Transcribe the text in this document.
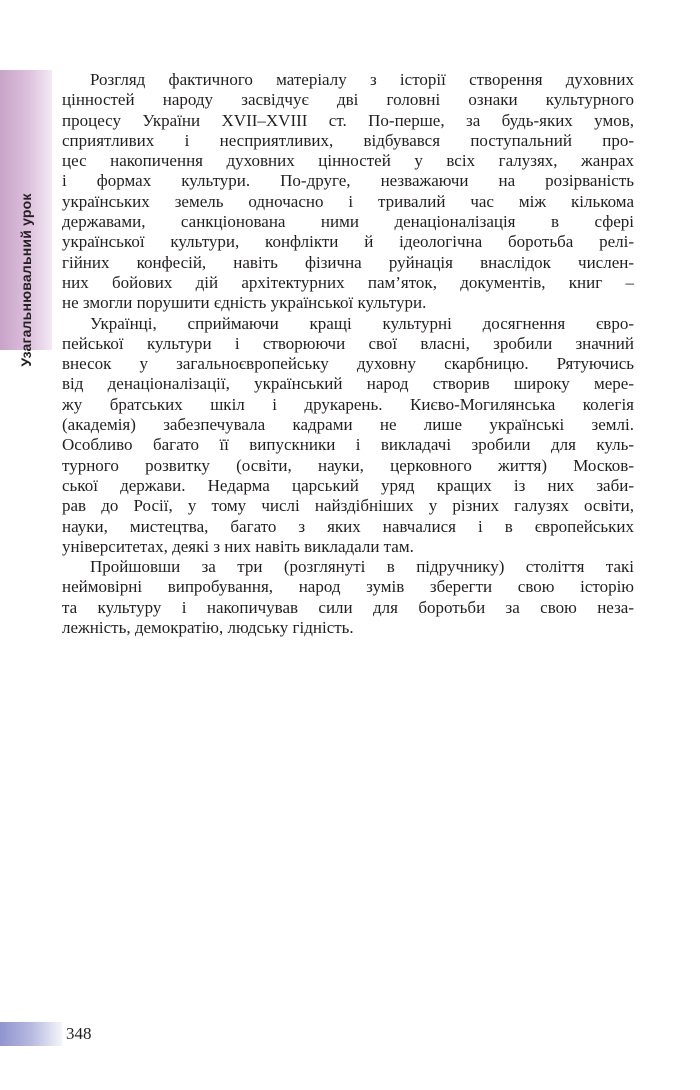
Узагальнювальний урок

Розгляд фактичного матеріалу з історії створення духовних
цінностей народу засвідчує дві головні ознаки культурного
процесу України XVII–XVIII ст. По-перше, за будь-яких умов,
сприятливих і несприятливих, відбувався поступальний про-
цес накопичення духовних цінностей у всіх галузях, жанрах
і формах культури. По-друге, незважаючи на розірваність
українських земель одночасно і тривалий час між кількома
державами, санкціонована ними денаціоналізація в сфері
української культури, конфлікти й ідеологічна боротьба релі-
гійних конфесій, навіть фізична руйнація внаслідок числен-
них бойових дій архітектурних пам’яток, документів, книг –
не змогли порушити єдність української культури.

Українці, сприймаючи кращі культурні досягнення євро-
пейської культури і створюючи свої власні, зробили значний
внесок у загальноєвропейську духовну скарбницю. Рятуючись
від денаціоналізації, український народ створив широку мере-
жу братських шкіл і друкарень. Києво-Могилянська колегія
(академія) забезпечувала кадрами не лише українські землі.
Особливо багато її випускники і викладачі зробили для куль-
турного розвитку (освіти, науки, церковного життя) Москов-
ської держави. Недарма царський уряд кращих із них заби-
рав до Росії, у тому числі найздібніших у різних галузях освіти,
науки, мистецтва, багато з яких навчалися і в європейських
університетах, деякі з них навіть викладали там.

Пройшовши за три (розглянуті в підручнику) століття такі
неймовірні випробування, народ зумів зберегти свою історію
та культуру і накопичував сили для боротьби за свою неза-
лежність, демократію, людську гідність.

348
